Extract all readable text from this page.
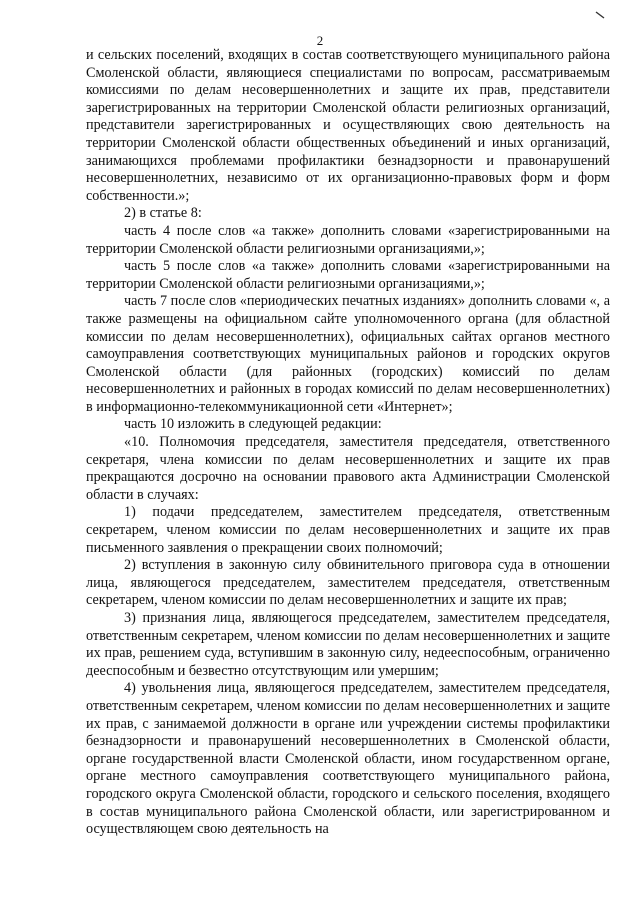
2

и сельских поселений, входящих в состав соответствующего муниципального района Смоленской области, являющиеся специалистами по вопросам, рассматриваемым комиссиями по делам несовершеннолетних и защите их прав, представители зарегистрированных на территории Смоленской области религиозных организаций, представители зарегистрированных и осуществляющих свою деятельность на территории Смоленской области общественных объединений и иных организаций, занимающихся проблемами профилактики безнадзорности и правонарушений несовершеннолетних, независимо от их организационно-правовых форм и форм собственности.»;

2) в статье 8:

часть 4 после слов «а также» дополнить словами «зарегистрированными на территории Смоленской области религиозными организациями,»;

часть 5 после слов «а также» дополнить словами «зарегистрированными на территории Смоленской области религиозными организациями,»;

часть 7 после слов «периодических печатных изданиях» дополнить словами «, а также размещены на официальном сайте уполномоченного органа (для областной комиссии по делам несовершеннолетних), официальных сайтах органов местного самоуправления соответствующих муниципальных районов и городских округов Смоленской области (для районных (городских) комиссий по делам несовершеннолетних и районных в городах комиссий по делам несовершеннолетних) в информационно-телекоммуникационной сети «Интернет»;

часть 10 изложить в следующей редакции:

«10. Полномочия председателя, заместителя председателя, ответственного секретаря, члена комиссии по делам несовершеннолетних и защите их прав прекращаются досрочно на основании правового акта Администрации Смоленской области в случаях:

1) подачи председателем, заместителем председателя, ответственным секретарем, членом комиссии по делам несовершеннолетних и защите их прав письменного заявления о прекращении своих полномочий;

2) вступления в законную силу обвинительного приговора суда в отношении лица, являющегося председателем, заместителем председателя, ответственным секретарем, членом комиссии по делам несовершеннолетних и защите их прав;

3) признания лица, являющегося председателем, заместителем председателя, ответственным секретарем, членом комиссии по делам несовершеннолетних и защите их прав, решением суда, вступившим в законную силу, недееспособным, ограниченно дееспособным и безвестно отсутствующим или умершим;

4) увольнения лица, являющегося председателем, заместителем председателя, ответственным секретарем, членом комиссии по делам несовершеннолетних и защите их прав, с занимаемой должности в органе или учреждении системы профилактики безнадзорности и правонарушений несовершеннолетних в Смоленской области, органе государственной власти Смоленской области, ином государственном органе, органе местного самоуправления соответствующего муниципального района, городского округа Смоленской области, городского и сельского поселения, входящего в состав муниципального района Смоленской области, или зарегистрированном и осуществляющем свою деятельность на
